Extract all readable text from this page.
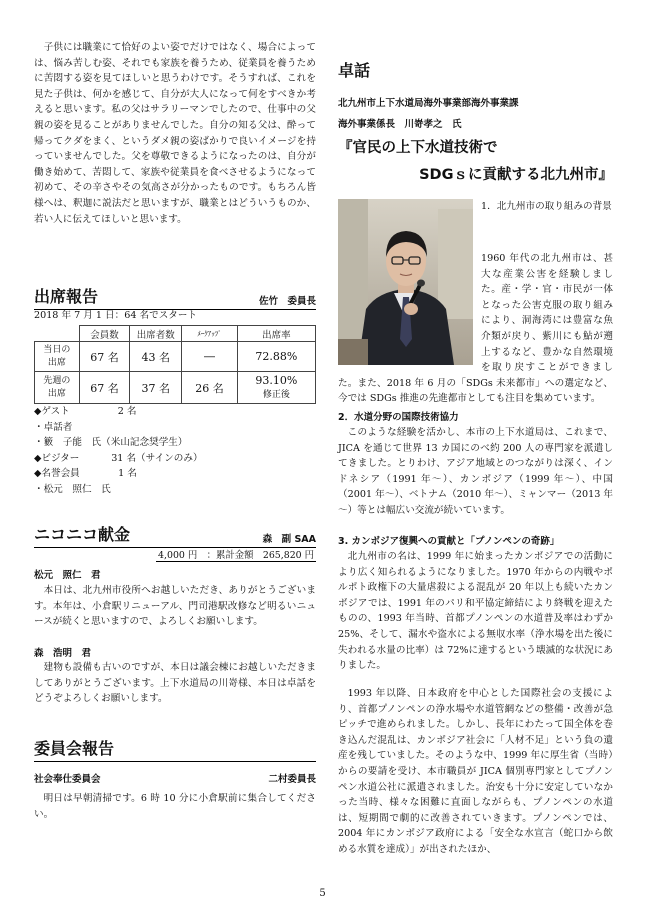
子供には職業にて恰好のよい姿でだけではなく、場合によっては、悩み苦しむ姿、それでも家族を養うため、従業員を養うために苦悶する姿を見てほしいと思うわけです。そうすれば、これを見た子供は、何かを感じて、自分が大人になって何をすべきか考えると思います。私の父はサラリーマンでしたので、仕事中の父親の姿を見ることがありませんでした。自分の知る父は、酔って帰ってクダをまく、というダメ親の姿ばかりで良いイメージを持っていませんでした。父を尊敬できるようになったのは、自分が働き始めて、苦悶して、家族や従業員を食べさせるようになって初めて、その辛さやその気高さが分かったものです。もちろん皆様へは、釈迦に説法だと思いますが、職業とはどういうものか、若い人に伝えてほしいと思います。

出席報告	佐竹　委員長

2018 年 7 月 1 日：64 名でスタート

	会員数	出席者数	ﾒｰｸｱｯﾌﾟ	出席率
当日の
出席	67 名	43 名	―	72.88%
先週の
出席	67 名	37 名	26 名	93.10%
修正後
◆ゲスト　　　　　2 名
・卓話者
・籔　子能　氏（米山記念奨学生）
◆ビジター　　　 31 名（サインのみ）
◆名誉会員　　　　1 名
・松元　照仁　氏
ニコニコ献金	森　副 SAA
4,000 円　：累計金額　265,820 円
松元　照仁　君

本日は、北九州市役所へお越しいただき、ありがとうございます。本年は、小倉駅リニューアル、門司港駅改修など明るいニュースが続くと思いますので、よろしくお願いします。

森　浩明　君

建物も設備も古いのですが、本日は議会棟にお越しいただきましてありがとうございます。上下水道局の川嵜様、本日は卓話をどうぞよろしくお願いします。

委員会報告
社会奉仕委員会	二村委員長

明日は早朝清掃です。6 時 10 分に小倉駅前に集合してください。

卓話
北九州市上下水道局海外事業部海外事業課
海外事業係長　川嵜孝之　氏
『官民の上下水道技術で
SDGｓに貢献する北九州市』

1．北九州市の取り組みの背景

1960 年代の北九州市は、甚大な産業公害を経験しました。産・学・官・市民が一体となった公害克服の取り組みにより、洞海湾には豊富な魚介類が戻り、紫川にも鮎が遡上するなど、豊かな自然環境を取り戻すことができました。また、2018 年 6 月の「SDGs 未来都市」への選定など、今では SDGs 推進の先進都市としても注目を集めています。

2．水道分野の国際技術協力

このような経験を活かし、本市の上下水道局は、これまで、JICA を通じて世界 13 カ国にのべ約 200 人の専門家を派遣してきました。とりわけ、アジア地域とのつながりは深く、インドネシア（1991 年～）、カンボジア（1999 年～）、中国（2001 年～）、ベトナム（2010 年～）、ミャンマー（2013 年～）等とは幅広い交流が続いています。

3. カンボジア復興への貢献と「プノンペンの奇跡」

北九州市の名は、1999 年に始まったカンボジアでの活動により広く知られるようになりました。1970 年からの内戦やポルポト政権下の大量虐殺による混乱が 20 年以上も続いたカンボジアでは、1991 年のパリ和平協定締結により終戦を迎えたものの、1993 年当時、首都プノンペンの水道普及率はわずか 25%、そして、漏水や盗水による無収水率（浄水場を出た後に失われる水量の比率）は 72%に達するという壊滅的な状況にありました。

1993 年以降、日本政府を中心とした国際社会の支援により、首都プノンペンの浄水場や水道管網などの整備・改善が急ピッチで進められました。しかし、長年にわたって国全体を巻き込んだ混乱は、カンボジア社会に「人材不足」という負の遺産を残していました。そのような中、1999 年に厚生省（当時）からの要請を受け、本市職員が JICA 個別専門家としてプノンペン水道公社に派遣されました。治安も十分に安定していなかった当時、様々な困難に直面しながらも、プノンペンの水道は、短期間で劇的に改善されていきます。プノンペンでは、2004 年にカンボジア政府による「安全な水宣言（蛇口から飲める水質を達成）」が出されたほか、

5
